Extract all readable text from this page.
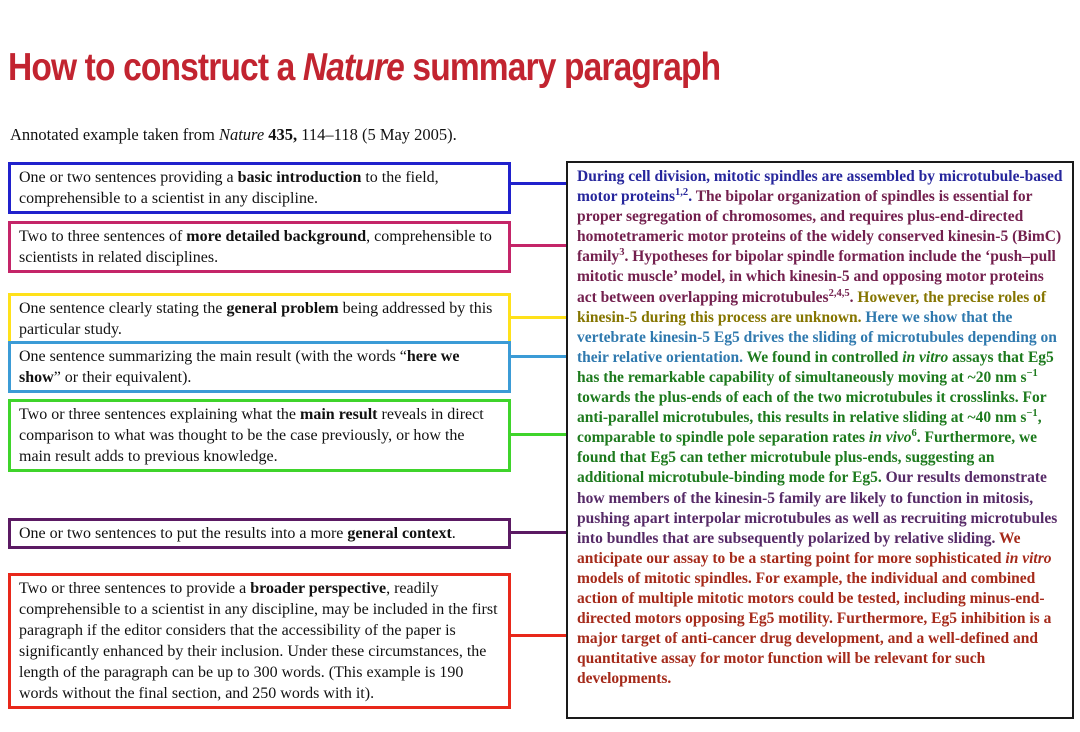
How to construct a Nature summary paragraph
Annotated example taken from Nature 435, 114–118 (5 May 2005).
One or two sentences providing a basic introduction to the field, comprehensible to a scientist in any discipline.
Two to three sentences of more detailed background, comprehensible to scientists in related disciplines.
One sentence clearly stating the general problem being addressed by this particular study.
One sentence summarizing the main result (with the words “here we show” or their equivalent).
Two or three sentences explaining what the main result reveals in direct comparison to what was thought to be the case previously, or how the main result adds to previous knowledge.
One or two sentences to put the results into a more general context.
Two or three sentences to provide a broader perspective, readily comprehensible to a scientist in any discipline, may be included in the first paragraph if the editor considers that the accessibility of the paper is significantly enhanced by their inclusion. Under these circumstances, the length of the paragraph can be up to 300 words. (This example is 190 words without the final section, and 250 words with it).
During cell division, mitotic spindles are assembled by microtubule-based motor proteins$^{1,2}$. The bipolar organization of spindles is essential for proper segregation of chromosomes, and requires plus-end-directed homotetrameric motor proteins of the widely conserved kinesin-5 (BimC) family$^3$. Hypotheses for bipolar spindle formation include the ‘push–pull mitotic muscle’ model, in which kinesin-5 and opposing motor proteins act between overlapping microtubules$^{2,4,5}$. However, the precise roles of kinesin-5 during this process are unknown. Here we show that the vertebrate kinesin-5 Eg5 drives the sliding of microtubules depending on their relative orientation. We found in controlled in vitro assays that Eg5 has the remarkable capability of simultaneously moving at ~20 nm $s^{-1}$ towards the plus-ends of each of the two microtubules it crosslinks. For anti-parallel microtubules, this results in relative sliding at ~40 nm $s^{-1}$, comparable to spindle pole separation rates in vivo$^6$. Furthermore, we found that Eg5 can tether microtubule plus-ends, suggesting an additional microtubule-binding mode for Eg5. Our results demonstrate how members of the kinesin-5 family are likely to function in mitosis, pushing apart interpolar microtubules as well as recruiting microtubules into bundles that are subsequently polarized by relative sliding. We anticipate our assay to be a starting point for more sophisticated in vitro models of mitotic spindles. For example, the individual and combined action of multiple mitotic motors could be tested, including minus-end-directed motors opposing Eg5 motility. Furthermore, Eg5 inhibition is a major target of anti-cancer drug development, and a well-defined and quantitative assay for motor function will be relevant for such developments.
